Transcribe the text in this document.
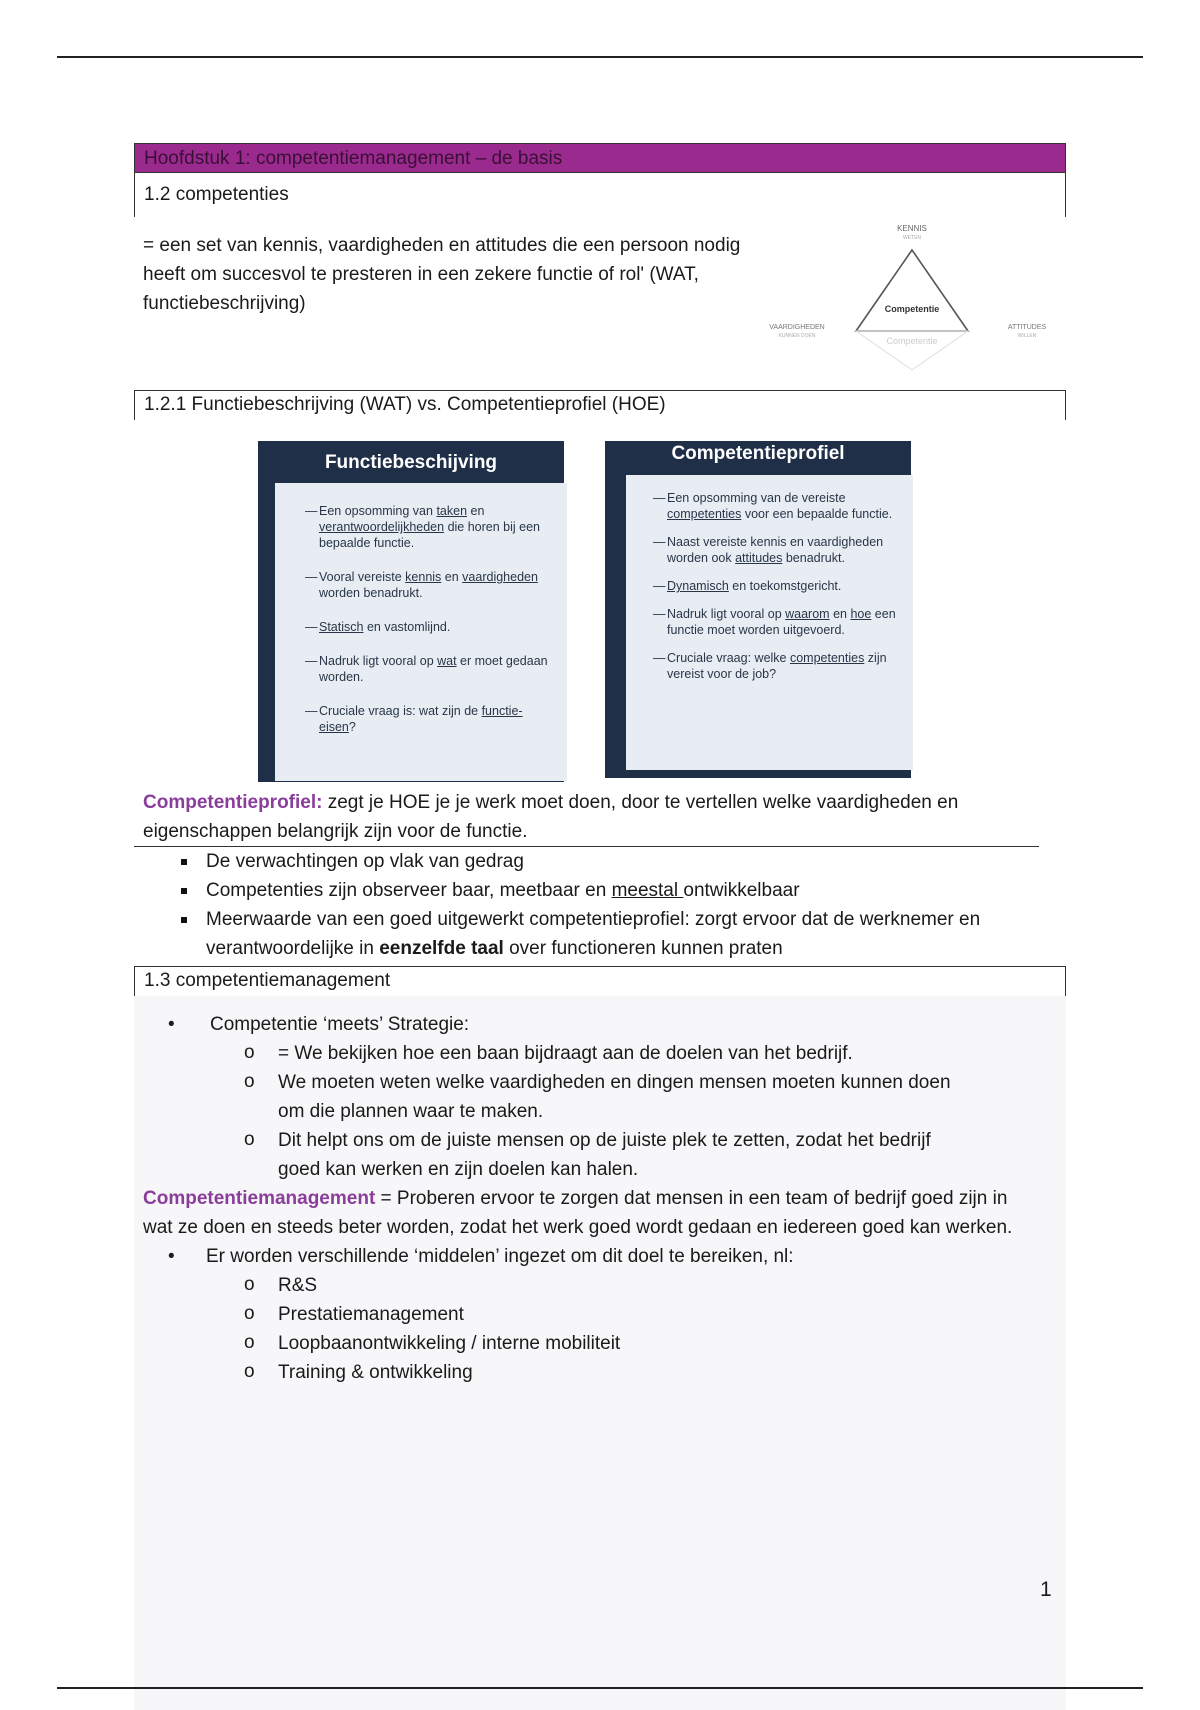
Hoofdstuk 1: competentiemanagement – de basis
1.2 competenties
= een set van kennis, vaardigheden en attitudes die een persoon nodig heeft om succesvol te presteren in een zekere functie of rol' (WAT, functiebeschrijving)	Competentie
Competentie
KENNIS
WETEN
VAARDIGHEDEN
KUNNEN DOEN
ATTITUDES
WILLEN
1.2.1 Functiebeschrijving (WAT) vs. Competentieprofiel (HOE)
Functiebeschijving
— Een opsomming van taken en verantwoordelijkheden die horen bij een bepaalde functie.
— Vooral vereiste kennis en vaardigheden worden benadrukt.
— Statisch en vastomlijnd.
— Nadruk ligt vooral op wat er moet gedaan worden.
— Cruciale vraag is: wat zijn de functie-eisen?
Competentieprofiel
— Een opsomming van de vereiste competenties voor een bepaalde functie.
— Naast vereiste kennis en vaardigheden worden ook attitudes benadrukt.
— Dynamisch en toekomstgericht.
— Nadruk ligt vooral op waarom en hoe een functie moet worden uitgevoerd.
— Cruciale vraag: welke competenties zijn vereist voor de job?
Competentieprofiel: zegt je HOE je je werk moet doen, door te vertellen welke vaardigheden en eigenschappen belangrijk zijn voor de functie.
De verwachtingen op vlak van gedrag
Competenties zijn observeer baar, meetbaar en meestal ontwikkelbaar
Meerwaarde van een goed uitgewerkt competentieprofiel: zorgt ervoor dat de werknemer en verantwoordelijke in eenzelfde taal over functioneren kunnen praten
1.3 competentiemanagement
• Competentie ‘meets’ Strategie:
o = We bekijken hoe een baan bijdraagt aan de doelen van het bedrijf.
o We moeten weten welke vaardigheden en dingen mensen moeten kunnen doen om die plannen waar te maken.
o Dit helpt ons om de juiste mensen op de juiste plek te zetten, zodat het bedrijf goed kan werken en zijn doelen kan halen.
Competentiemanagement = Proberen ervoor te zorgen dat mensen in een team of bedrijf goed zijn in wat ze doen en steeds beter worden, zodat het werk goed wordt gedaan en iedereen goed kan werken.
• Er worden verschillende ‘middelen’ ingezet om dit doel te bereiken, nl:
o R&S
o Prestatiemanagement
o Loopbaanontwikkeling / interne mobiliteit
o Training & ontwikkeling
1
